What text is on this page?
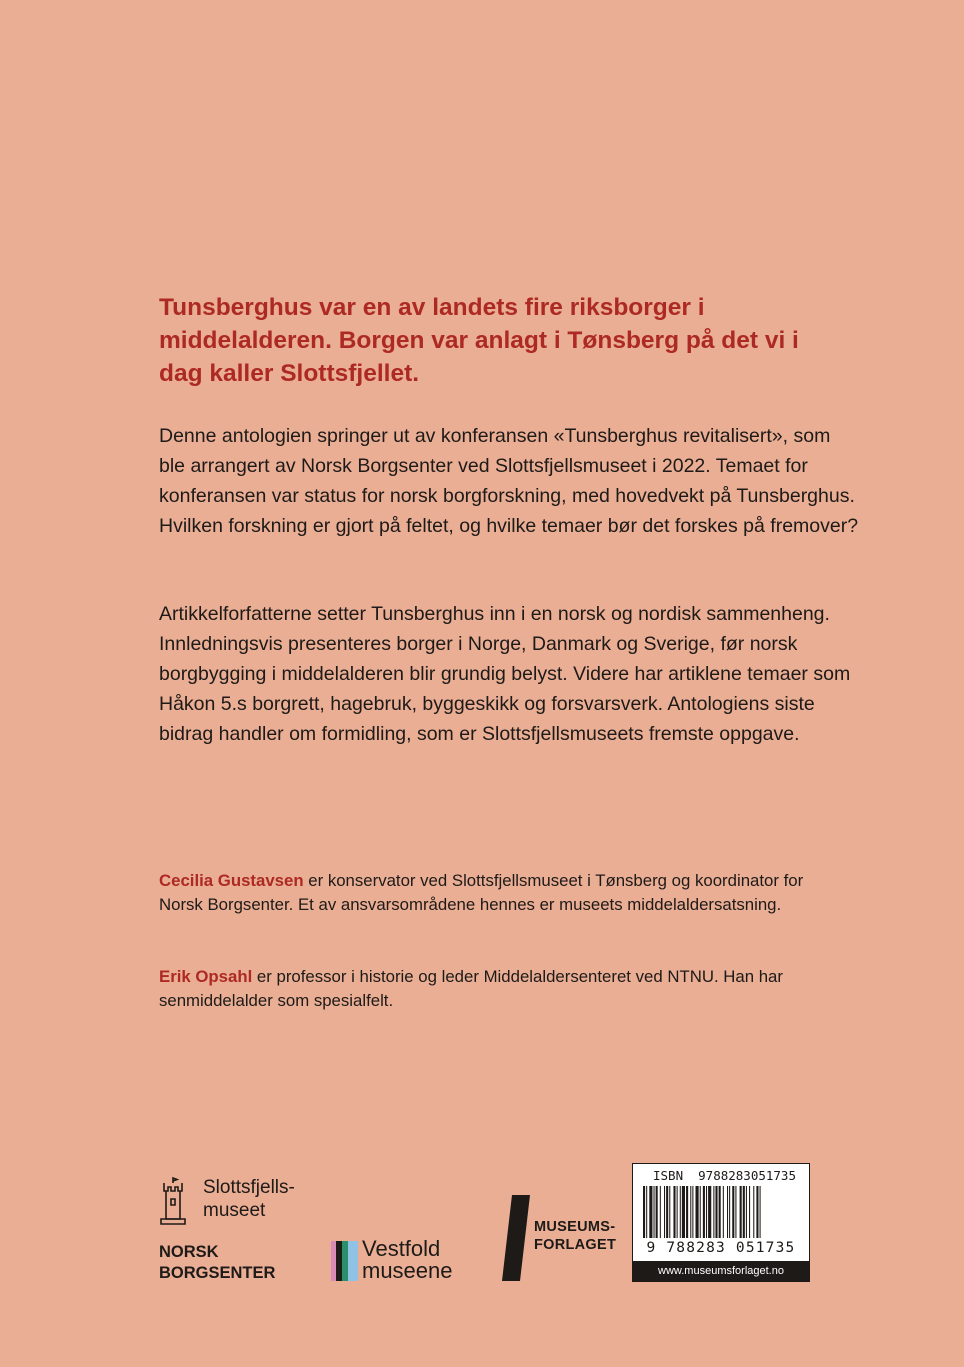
Tunsberghus var en av landets fire riksborger i middelalderen. Borgen var anlagt i Tønsberg på det vi i dag kaller Slottsfjellet.

Denne antologien springer ut av konferansen «Tunsberghus revitalisert», som ble arrangert av Norsk Borgsenter ved Slottsfjellsmuseet i 2022. Temaet for konferansen var status for norsk borgforskning, med hovedvekt på Tunsberghus. Hvilken forskning er gjort på feltet, og hvilke temaer bør det forskes på fremover?

Artikkelforfatterne setter Tunsberghus inn i en norsk og nordisk sammenheng. Innledningsvis presenteres borger i Norge, Danmark og Sverige, før norsk borgbygging i middelalderen blir grundig belyst. Videre har artiklene temaer som Håkon 5.s borgrett, hagebruk, byggeskikk og forsvarsverk. Antologiens siste bidrag handler om formidling, som er Slottsfjellsmuseets fremste oppgave.

Cecilia Gustavsen er konservator ved Slottsfjellsmuseet i Tønsberg og koordinator for Norsk Borgsenter. Et av ansvarsområdene hennes er museets middelaldersatsning.

Erik Opsahl er professor i historie og leder Middelaldersenteret ved NTNU. Han har senmiddelalder som spesialfelt.

Slottsfjells-
museet
NORSK
BORGSENTER
Vestfold
museene
MUSEUMS-
FORLAGET
ISBN  9788283051735
9 788283 051735
www.museumsforlaget.no
